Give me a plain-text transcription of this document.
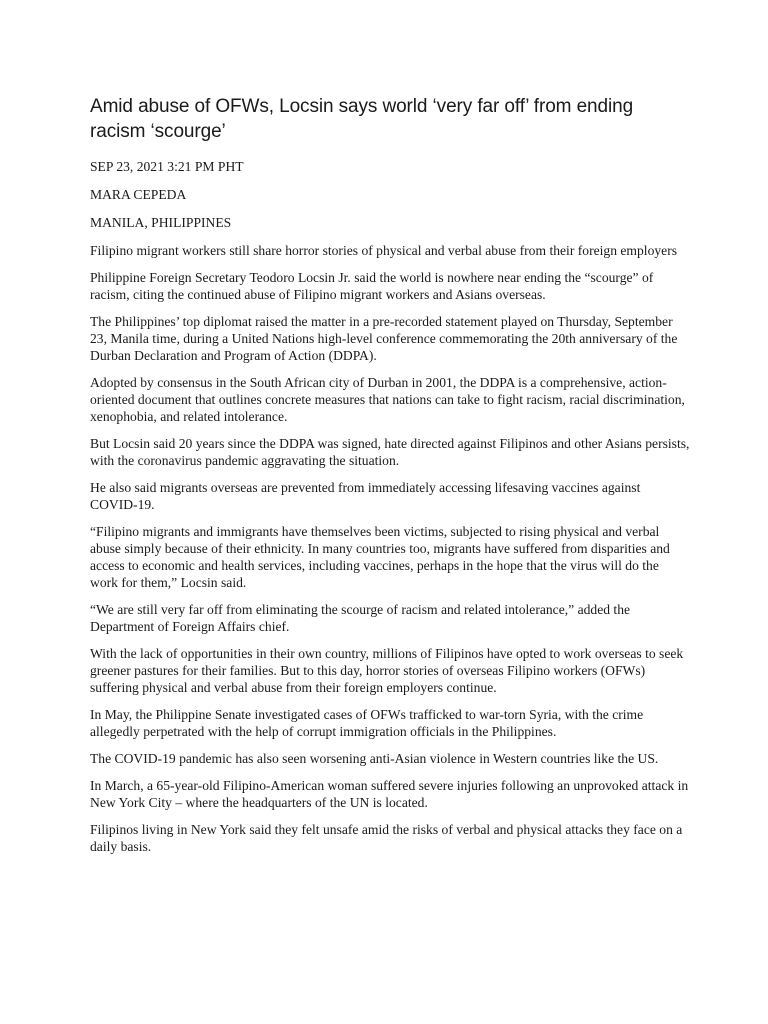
Amid abuse of OFWs, Locsin says world ‘very far off’ from ending racism ‘scourge’

SEP 23, 2021 3:21 PM PHT

MARA CEPEDA

MANILA, PHILIPPINES

Filipino migrant workers still share horror stories of physical and verbal abuse from their foreign employers

Philippine Foreign Secretary Teodoro Locsin Jr. said the world is nowhere near ending the “scourge” of racism, citing the continued abuse of Filipino migrant workers and Asians overseas.

The Philippines’ top diplomat raised the matter in a pre-recorded statement played on Thursday, September 23, Manila time, during a United Nations high-level conference commemorating the 20th anniversary of the Durban Declaration and Program of Action (DDPA).

Adopted by consensus in the South African city of Durban in 2001, the DDPA is a comprehensive, action-oriented document that outlines concrete measures that nations can take to fight racism, racial discrimination, xenophobia, and related intolerance.

But Locsin said 20 years since the DDPA was signed, hate directed against Filipinos and other Asians persists, with the coronavirus pandemic aggravating the situation.

He also said migrants overseas are prevented from immediately accessing lifesaving vaccines against COVID-19.

“Filipino migrants and immigrants have themselves been victims, subjected to rising physical and verbal abuse simply because of their ethnicity. In many countries too, migrants have suffered from disparities and access to economic and health services, including vaccines, perhaps in the hope that the virus will do the work for them,” Locsin said.

“We are still very far off from eliminating the scourge of racism and related intolerance,” added the Department of Foreign Affairs chief.

With the lack of opportunities in their own country, millions of Filipinos have opted to work overseas to seek greener pastures for their families. But to this day, horror stories of overseas Filipino workers (OFWs) suffering physical and verbal abuse from their foreign employers continue.

In May, the Philippine Senate investigated cases of OFWs trafficked to war-torn Syria, with the crime allegedly perpetrated with the help of corrupt immigration officials in the Philippines.

The COVID-19 pandemic has also seen worsening anti-Asian violence in Western countries like the US.

In March, a 65-year-old Filipino-American woman suffered severe injuries following an unprovoked attack in New York City – where the headquarters of the UN is located.

Filipinos living in New York said they felt unsafe amid the risks of verbal and physical attacks they face on a daily basis.
